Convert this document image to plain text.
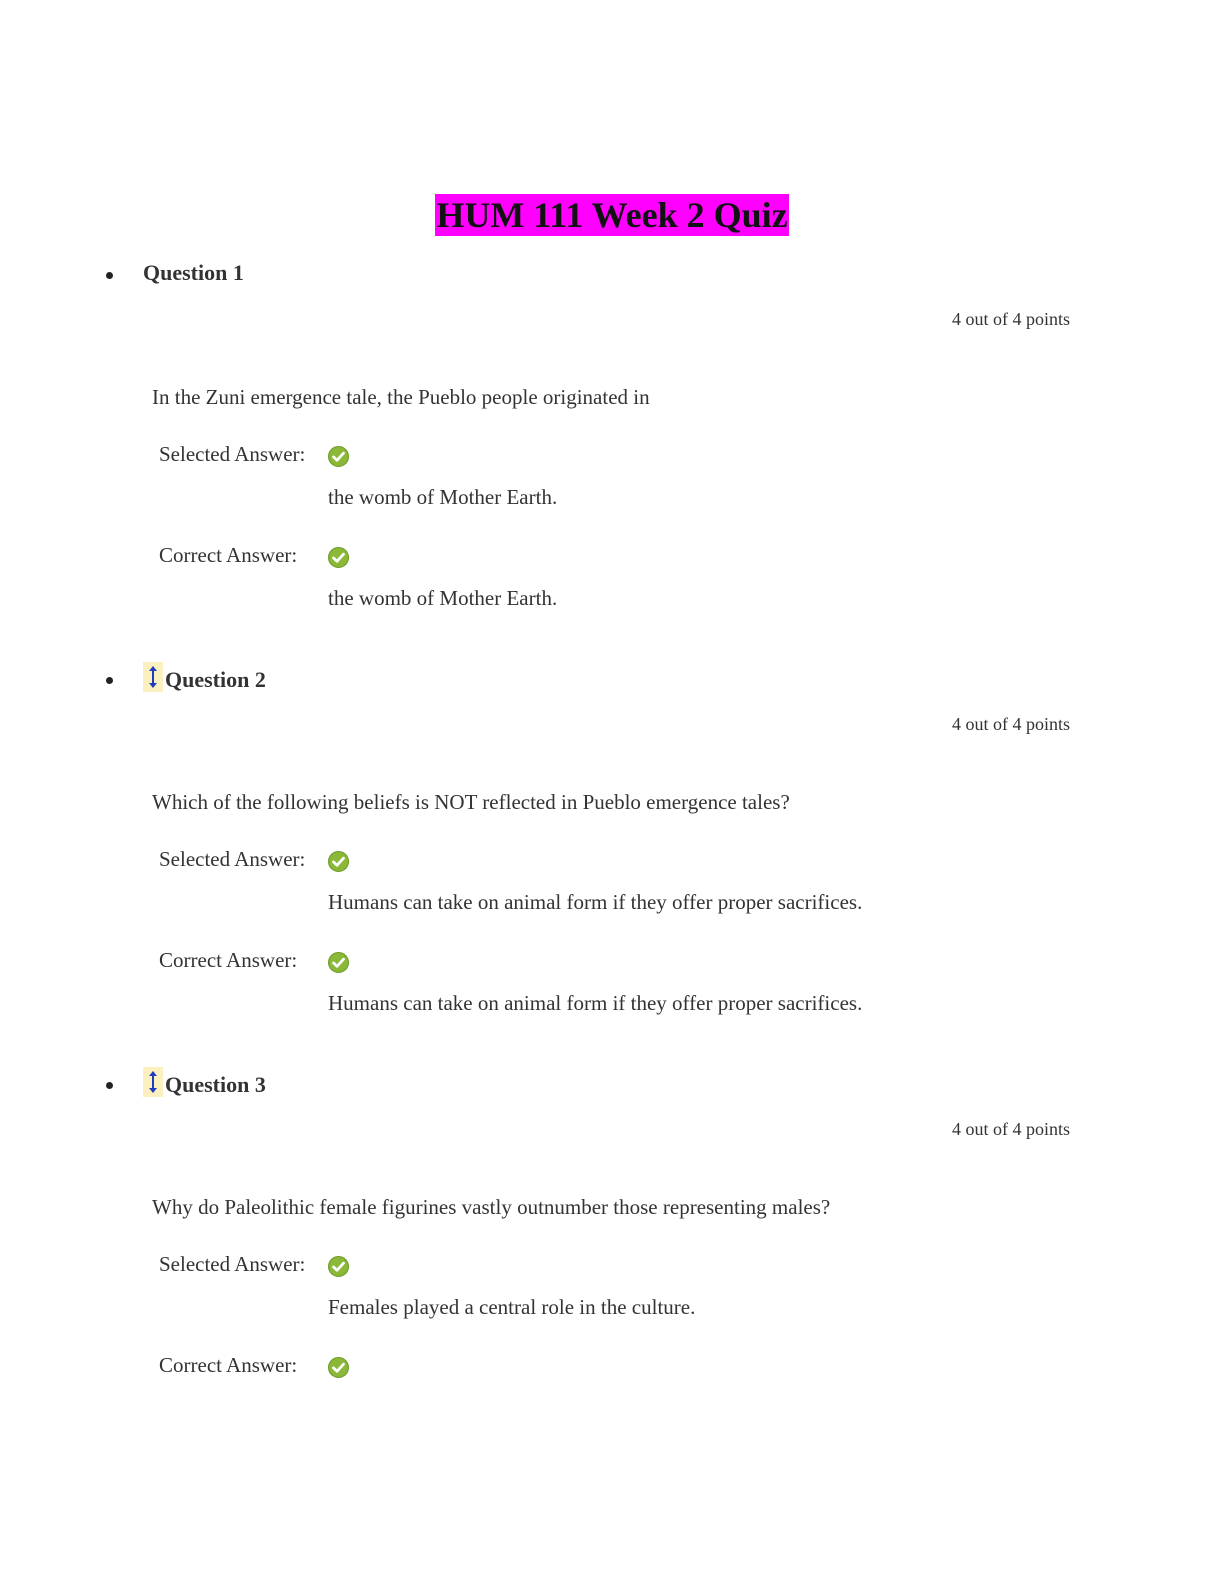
HUM 111 Week 2 Quiz
Question 1
4 out of 4 points
In the Zuni emergence tale, the Pueblo people originated in
Selected Answer:
the womb of Mother Earth.
Correct Answer:
the womb of Mother Earth.
Question 2
4 out of 4 points
Which of the following beliefs is NOT reflected in Pueblo emergence tales?
Selected Answer:
Humans can take on animal form if they offer proper sacrifices.
Correct Answer:
Humans can take on animal form if they offer proper sacrifices.
Question 3
4 out of 4 points
Why do Paleolithic female figurines vastly outnumber those representing males?
Selected Answer:
Females played a central role in the culture.
Correct Answer:
